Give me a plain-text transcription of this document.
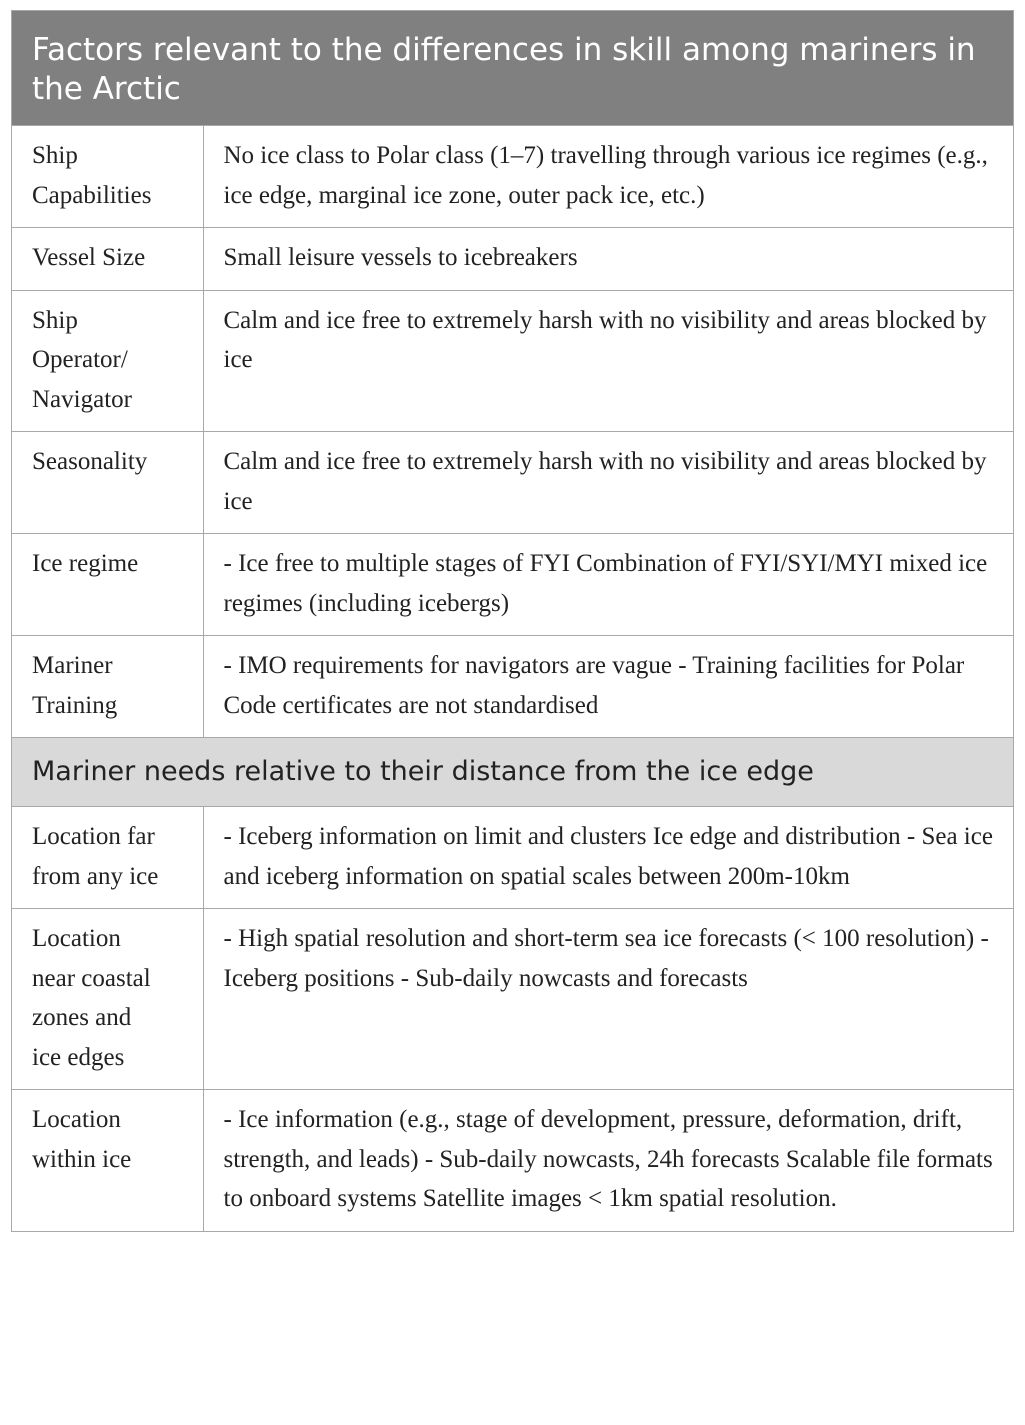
Factors relevant to the differences in skill among mariners in the Arctic	

Ship
Capabilities	No ice class to Polar class (1–7) travelling through various ice regimes (e.g., ice edge, marginal ice zone, outer pack ice, etc.)

Vessel Size	Small leisure vessels to icebreakers

Ship
Operator/
Navigator	Calm and ice free to extremely harsh with no visibility and areas blocked by ice

Seasonality	Calm and ice free to extremely harsh with no visibility and areas blocked by ice

Ice regime	- Ice free to multiple stages of FYI Combination of FYI/SYI/MYI mixed ice
regimes (including icebergs)

Mariner
Training	- IMO requirements for navigators are vague - Training facilities for Polar Code certificates are not standardised

Mariner needs relative to their distance from the ice edge	

Location far
from any ice	- Iceberg information on limit and clusters Ice edge and distribution - Sea ice and iceberg information on spatial scales between 200m-10km

Location
near coastal
zones and
ice edges	- High spatial resolution and short-term sea ice forecasts (< 100 resolution) - Iceberg positions - Sub-daily nowcasts and forecasts

Location
within ice	- Ice information (e.g., stage of development, pressure, deformation, drift, strength, and leads) - Sub-daily nowcasts, 24h forecasts Scalable file formats to onboard systems Satellite images < 1km spatial resolution.
